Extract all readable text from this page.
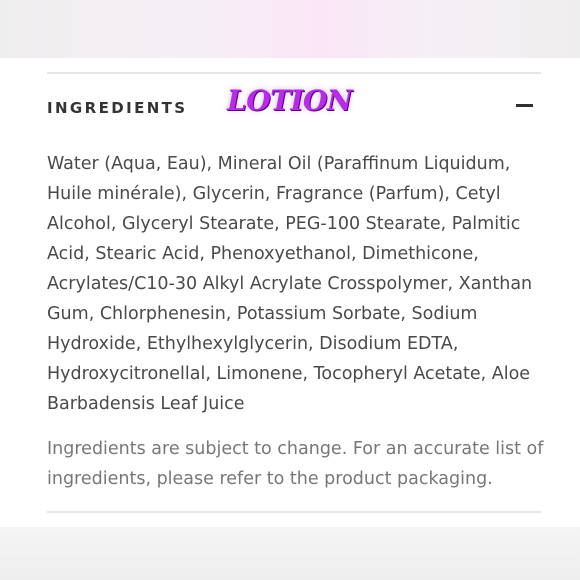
INGREDIENTS LOTION

Water (Aqua, Eau), Mineral Oil (Paraffinum Liquidum, Huile minérale), Glycerin, Fragrance (Parfum), Cetyl Alcohol, Glyceryl Stearate, PEG-100 Stearate, Palmitic Acid, Stearic Acid, Phenoxyethanol, Dimethicone, Acrylates/C10-30 Alkyl Acrylate Crosspolymer, Xanthan Gum, Chlorphenesin, Potassium Sorbate, Sodium Hydroxide, Ethylhexylglycerin, Disodium EDTA, Hydroxycitronellal, Limonene, Tocopheryl Acetate, Aloe Barbadensis Leaf Juice

Ingredients are subject to change. For an accurate list of ingredients, please refer to the product packaging.
